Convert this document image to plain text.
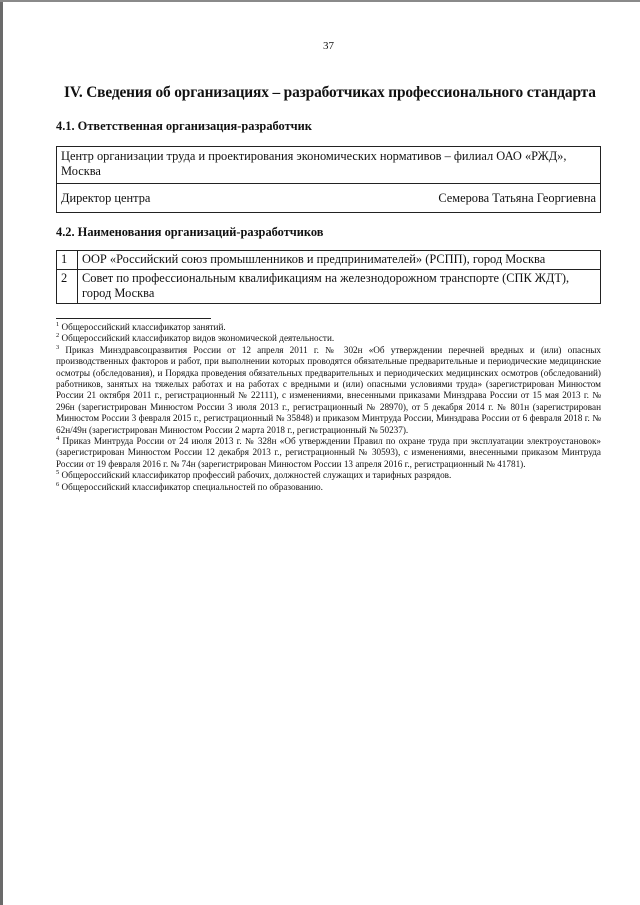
37
IV. Сведения об организациях – разработчиках профессионального стандарта
4.1. Ответственная организация-разработчик
Центр организации труда и проектирования экономических нормативов – филиал ОАО «РЖД», Москва

Директор центра	Семерова Татьяна Георгиевна
4.2. Наименования организаций-разработчиков
1	ООР «Российский союз промышленников и предпринимателей» (РСПП), город Москва
2	Совет по профессиональным квалификациям на железнодорожном транспорте (СПК ЖДТ), город Москва
$^1$ Общероссийский классификатор занятий.
$^2$ Общероссийский классификатор видов экономической деятельности.
$^3$ Приказ Минздравсоцразвития России от 12 апреля 2011 г. № 302н «Об утверждении перечней вредных и (или) опасных производственных факторов и работ, при выполнении которых проводятся обязательные предварительные и периодические медицинские осмотры (обследования), и Порядка проведения обязательных предварительных и периодических медицинских осмотров (обследований) работников, занятых на тяжелых работах и на работах с вредными и (или) опасными условиями труда» (зарегистрирован Минюстом России 21 октября 2011 г., регистрационный № 22111), с изменениями, внесенными приказами Минздрава России от 15 мая 2013 г. № 296н (зарегистрирован Минюстом России 3 июля 2013 г., регистрационный № 28970), от 5 декабря 2014 г. № 801н (зарегистрирован Минюстом России 3 февраля 2015 г., регистрационный № 35848) и приказом Минтруда России, Минздрава России от 6 февраля 2018 г. № 62н/49н (зарегистрирован Минюстом России 2 марта 2018 г., регистрационный № 50237).
$^4$ Приказ Минтруда России от 24 июля 2013 г. № 328н «Об утверждении Правил по охране труда при эксплуатации электроустановок» (зарегистрирован Минюстом России 12 декабря 2013 г., регистрационный № 30593), с изменениями, внесенными приказом Минтруда России от 19 февраля 2016 г. № 74н (зарегистрирован Минюстом России 13 апреля 2016 г., регистрационный № 41781).
$^5$ Общероссийский классификатор профессий рабочих, должностей служащих и тарифных разрядов.
$^6$ Общероссийский классификатор специальностей по образованию.
